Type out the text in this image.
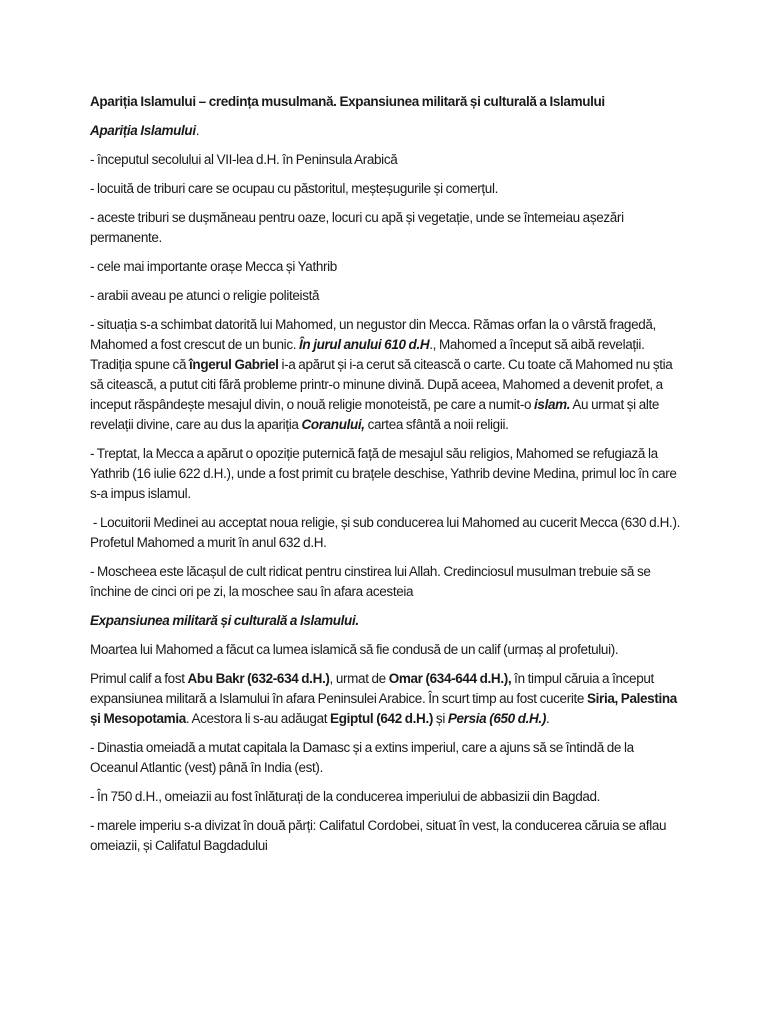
Apariția Islamului – credința musulmană. Expansiunea militară și culturală a Islamului

Apariția Islamului.

- începutul secolului al VII-lea d.H. în Peninsula Arabică

- locuită de triburi care se ocupau cu păstoritul, meșteșugurile și comerțul.

- aceste triburi se dușmăneau pentru oaze, locuri cu apă și vegetație, unde se întemeiau așezări permanente.

- cele mai importante orașe Mecca și Yathrib

- arabii aveau pe atunci o religie politeistă

- situația s-a schimbat datorită lui Mahomed, un negustor din Mecca. Rămas orfan la o vârstă fragedă, Mahomed a fost crescut de un bunic. În jurul anului 610 d.H., Mahomed a început să aibă revelații. Tradiția spune că îngerul Gabriel i-a apărut și i-a cerut să citească o carte. Cu toate că Mahomed nu știa să citească, a putut citi fără probleme printr-o minune divină. După aceea, Mahomed a devenit profet, a inceput răspândește mesajul divin, o nouă religie monoteistă, pe care a numit-o islam. Au urmat și alte revelații divine, care au dus la apariția Coranului, cartea sfântă a noii religii.

- Treptat, la Mecca a apărut o opoziție puternică față de mesajul său religios, Mahomed se refugiază la Yathrib (16 iulie 622 d.H.), unde a fost primit cu brațele deschise, Yathrib devine Medina, primul loc în care s-a impus islamul.

- Locuitorii Medinei au acceptat noua religie, și sub conducerea lui Mahomed au cucerit Mecca (630 d.H.). Profetul Mahomed a murit în anul 632 d.H.

- Moscheea este lăcașul de cult ridicat pentru cinstirea lui Allah. Credinciosul musulman trebuie să se închine de cinci ori pe zi, la moschee sau în afara acesteia

Expansiunea militară și culturală a Islamului.

Moartea lui Mahomed a făcut ca lumea islamică să fie condusă de un calif (urmaș al profetului).

Primul calif a fost Abu Bakr (632-634 d.H.), urmat de Omar (634-644 d.H.), în timpul căruia a început expansiunea militară a Islamului în afara Peninsulei Arabice. În scurt timp au fost cucerite Siria, Palestina și Mesopotamia. Acestora li s-au adăugat Egiptul (642 d.H.) și Persia (650 d.H.).

- Dinastia omeiadă a mutat capitala la Damasc și a extins imperiul, care a ajuns să se întindă de la Oceanul Atlantic (vest) până în India (est).

- În 750 d.H., omeiazii au fost înlăturați de la conducerea imperiului de abbasizii din Bagdad.

- marele imperiu s-a divizat în două părți: Califatul Cordobei, situat în vest, la conducerea căruia se aflau omeiazii, și Califatul Bagdadului
